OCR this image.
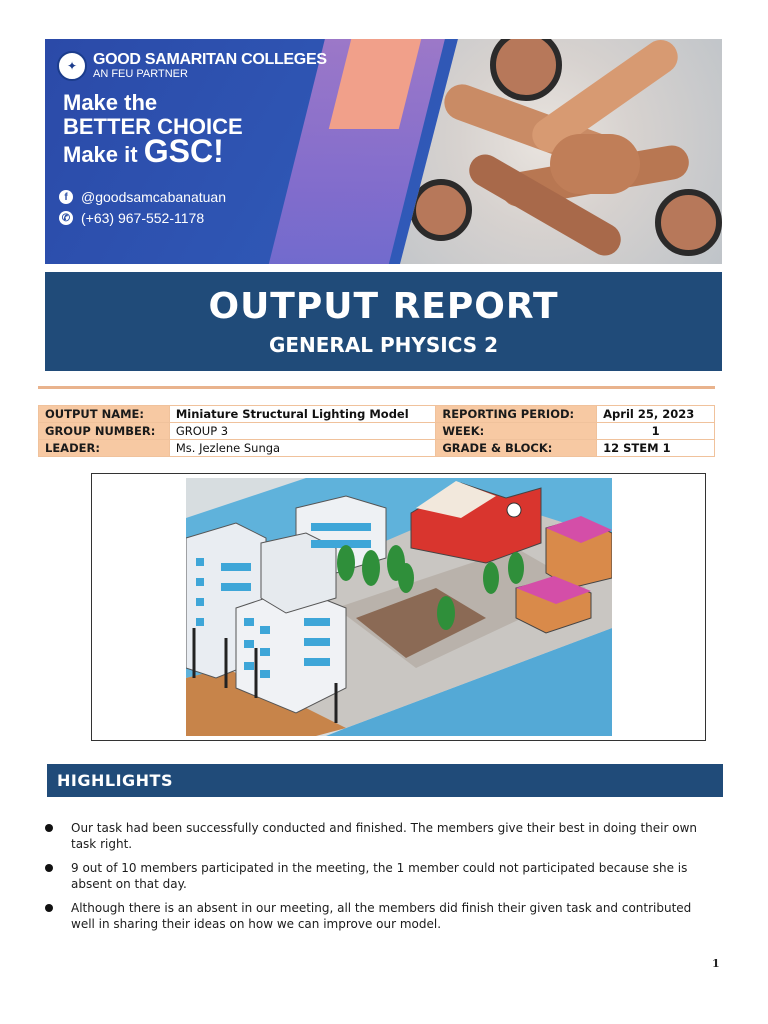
✦ GOOD SAMARITAN COLLEGES
AN FEU PARTNER
Make the
BETTER CHOICE
Make it GSC!
f @goodsamcabanatuan
✆ (+63) 967-552-1178
OUTPUT REPORT
GENERAL PHYSICS 2
OUTPUT NAME:	Miniature Structural Lighting Model	REPORTING PERIOD:	April 25, 2023
GROUP NUMBER:	GROUP 3	WEEK:	1
LEADER:	Ms. Jezlene Sunga	GRADE & BLOCK:	12 STEM 1
HIGHLIGHTS
Our task had been successfully conducted and finished. The members give their best in doing their own task right.
9 out of 10 members participated in the meeting, the 1 member could not participated because she is absent on that day.
Although there is an absent in our meeting, all the members did finish their given task and contributed well in sharing their ideas on how we can improve our model.
1
